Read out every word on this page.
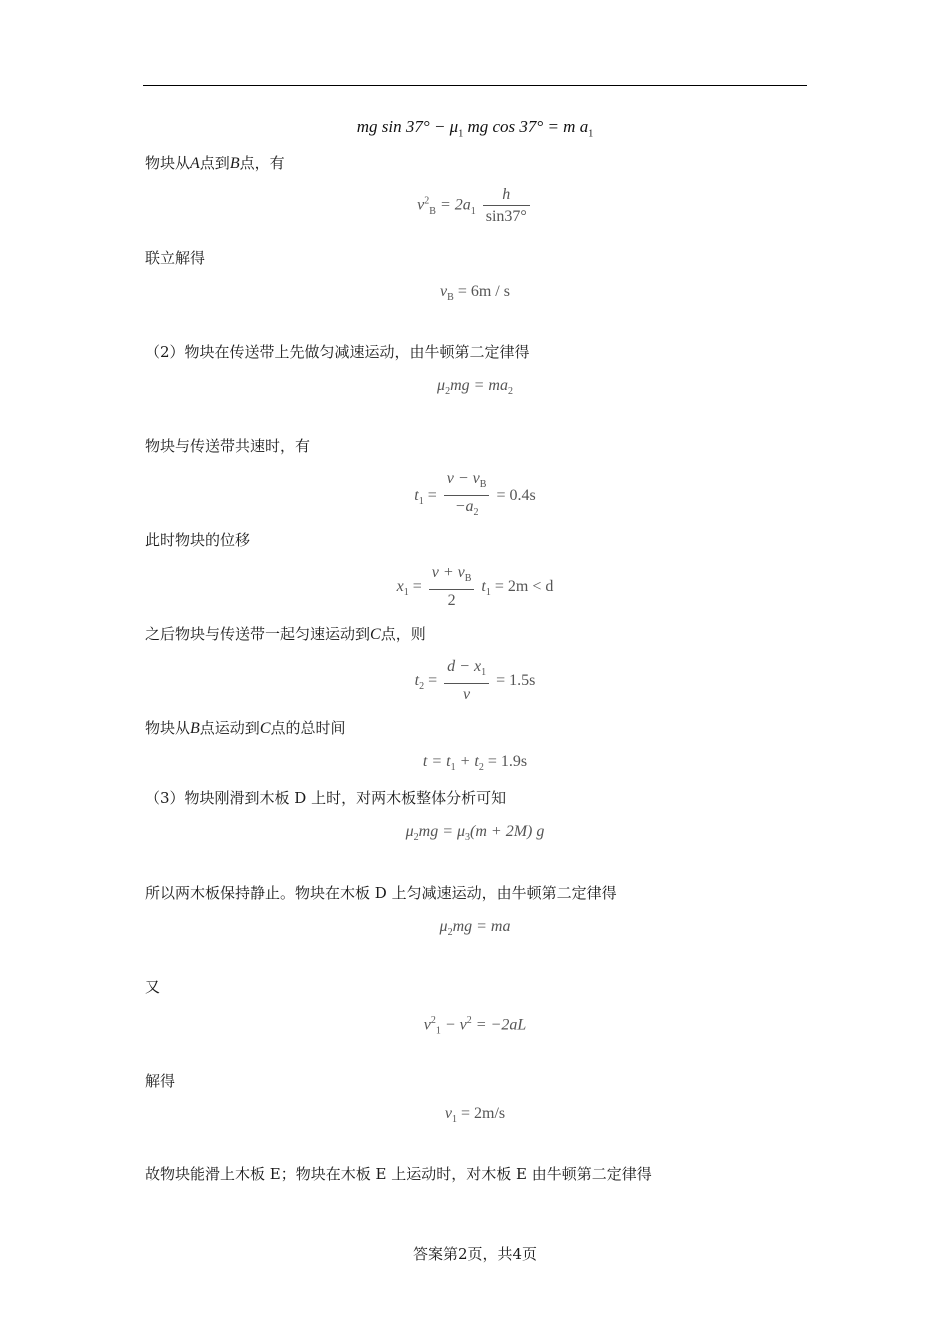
mg $\sin 37^\circ - \mu_1$ mg cos 37° = m $a_1$
物块从A点到B点，有
$v^2_B = 2a_1 \frac{h}{\sin 37^\circ}$
联立解得
$v_B = 6m / s$
（2）物块在传送带上先做匀减速运动，由牛顿第二定律得
$\mu_2mg = ma_2$
物块与传送带共速时，有
$t_1 = \frac{v - v_B}{-a_2} = 0.4s$
此时物块的位移
$x_1 = \frac{v + v_B}{2} t_1 = 2m < d$
之后物块与传送带一起匀速运动到C点，则
$t_2 = \frac{d - x_1}{v} = 1.5s$
物块从B点运动到C点的总时间
$t = t_1 + t_2 = 1.9s$
（3）物块刚滑到木板 D 上时，对两木板整体分析可知
$\mu_2mg = \mu_3(m + 2M)$ g
所以两木板保持静止。物块在木板 D 上匀减速运动，由牛顿第二定律得
$\mu_2mg$ = ma
又
$v^2_1 - v^2 = -2aL$
解得
$v_1 = 2m/s$
故物块能滑上木板 E；物块在木板 E 上运动时，对木板 E 由牛顿第二定律得
答案第2页，共4页
